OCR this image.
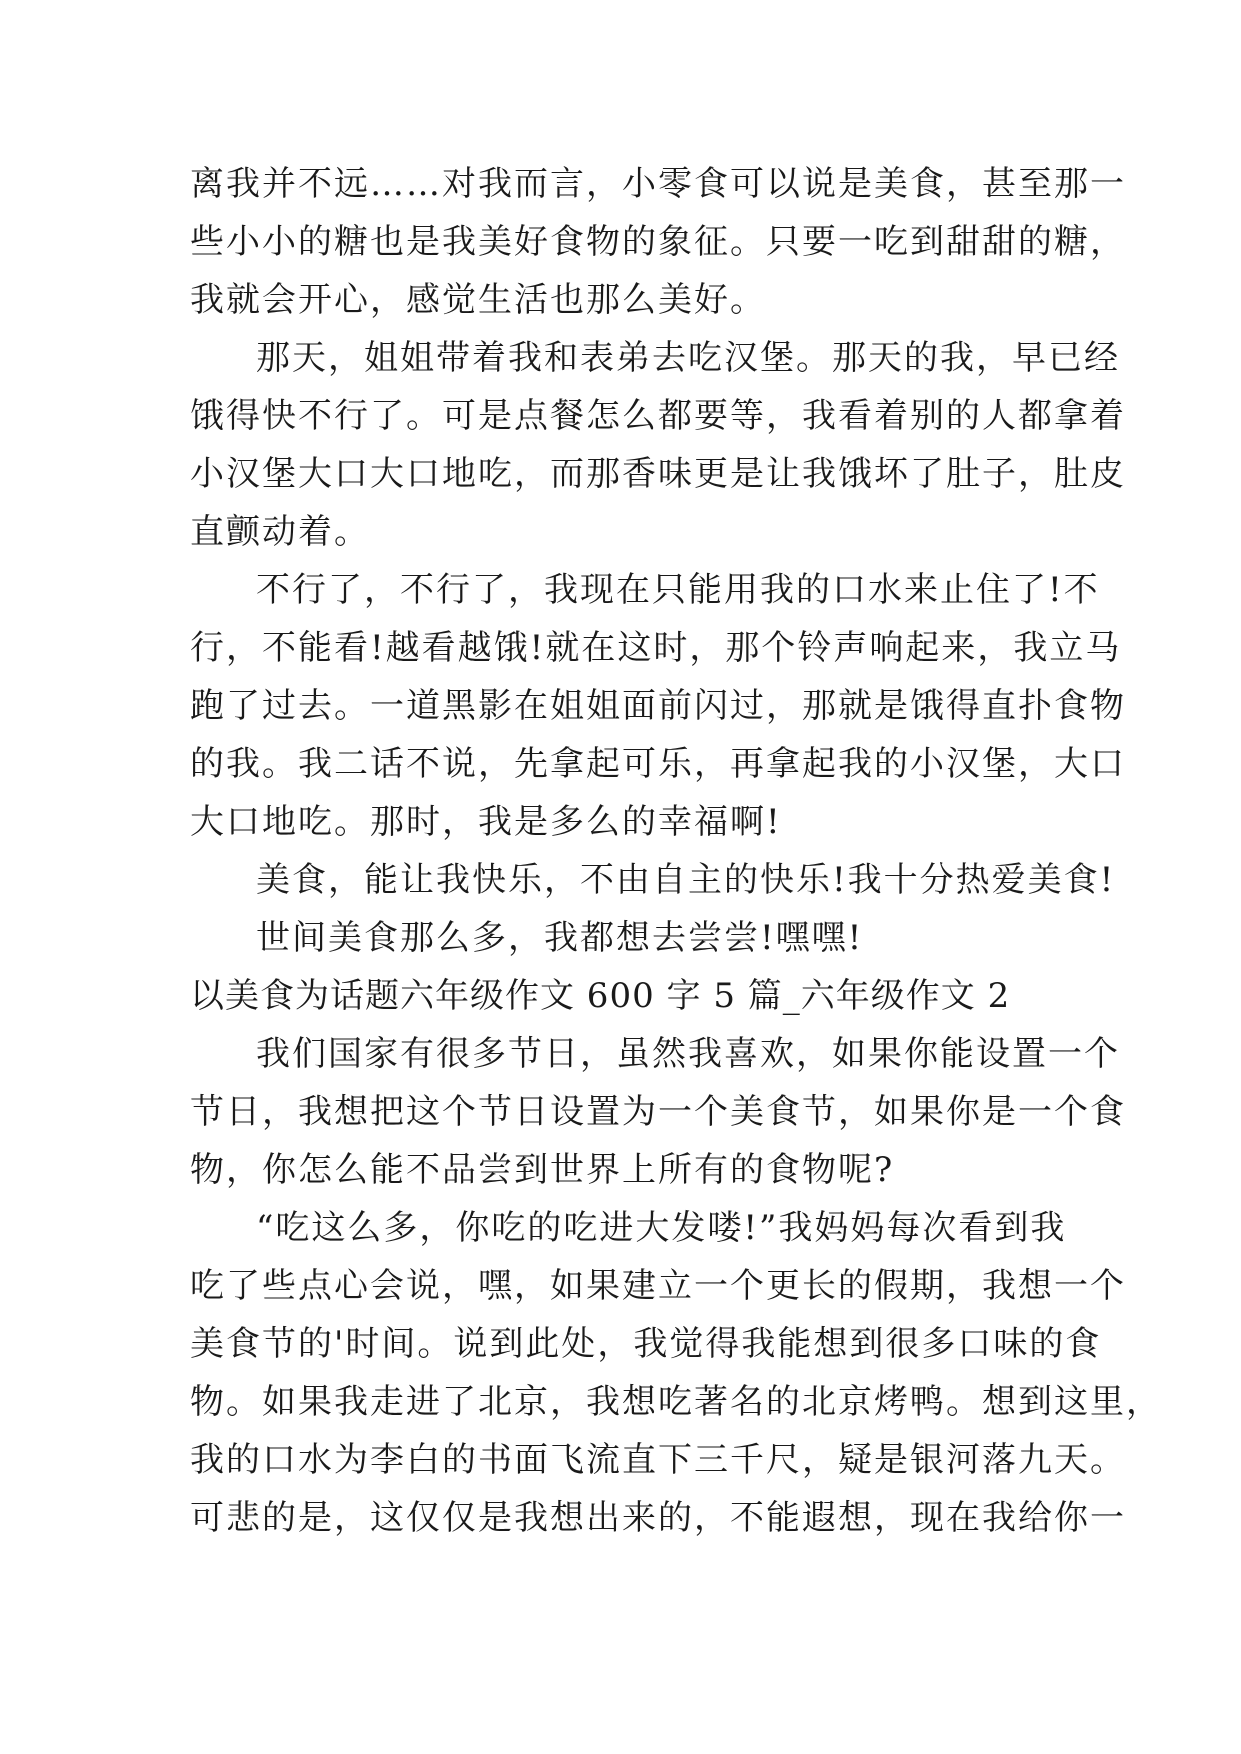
离我并不远……对我而言，小零食可以说是美食，甚至那一
些小小的糖也是我美好食物的象征。只要一吃到甜甜的糖，
我就会开心，感觉生活也那么美好。
那天，姐姐带着我和表弟去吃汉堡。那天的我，早已经
饿得快不行了。可是点餐怎么都要等，我看着别的人都拿着
小汉堡大口大口地吃，而那香味更是让我饿坏了肚子，肚皮
直颤动着。
不行了，不行了，我现在只能用我的口水来止住了!不
行，不能看!越看越饿!就在这时，那个铃声响起来，我立马
跑了过去。一道黑影在姐姐面前闪过，那就是饿得直扑食物
的我。我二话不说，先拿起可乐，再拿起我的小汉堡，大口
大口地吃。那时，我是多么的幸福啊!
美食，能让我快乐，不由自主的快乐!我十分热爱美食!
世间美食那么多，我都想去尝尝!嘿嘿!
以美食为话题六年级作文 600 字 5 篇_六年级作文 2
我们国家有很多节日，虽然我喜欢，如果你能设置一个
节日，我想把这个节日设置为一个美食节，如果你是一个食
物，你怎么能不品尝到世界上所有的食物呢?
“吃这么多，你吃的吃进大发喽!”我妈妈每次看到我
吃了些点心会说，嘿，如果建立一个更长的假期，我想一个
美食节的'时间。说到此处，我觉得我能想到很多口味的食
物。如果我走进了北京，我想吃著名的北京烤鸭。想到这里，
我的口水为李白的书面飞流直下三千尺，疑是银河落九天。
可悲的是，这仅仅是我想出来的，不能遐想，现在我给你一
